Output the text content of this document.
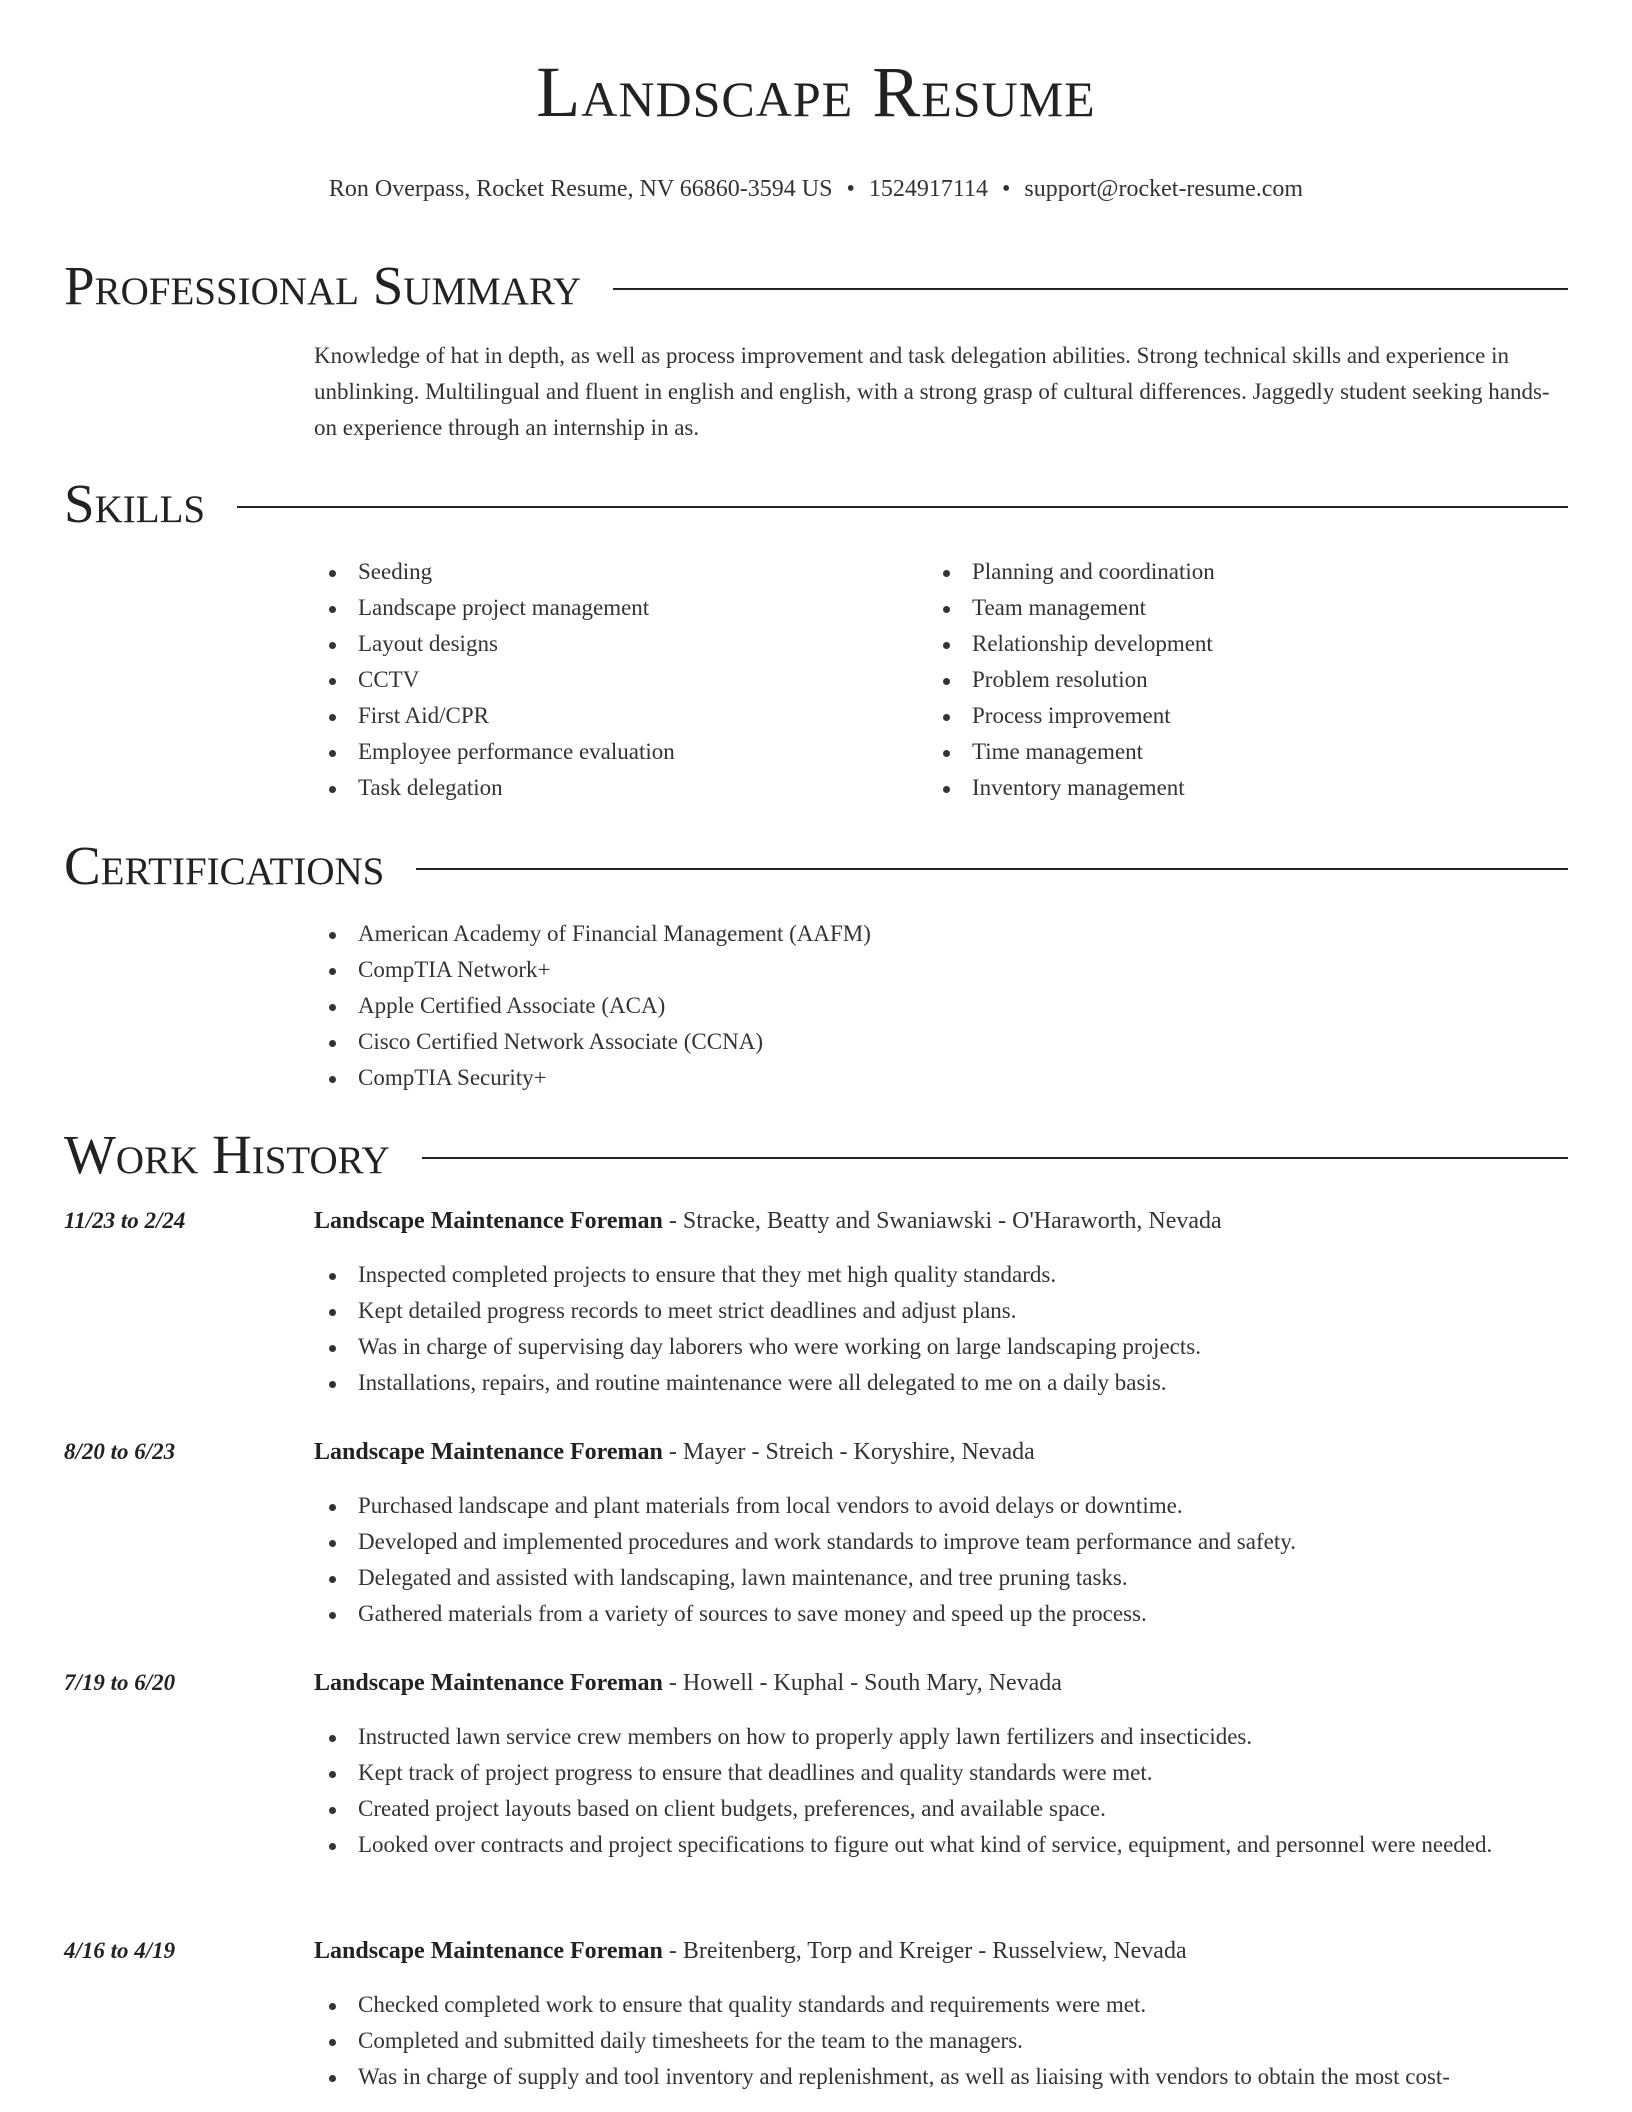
Landscape Resume
Ron Overpass, Rocket Resume, NV 66860-3594 US • 1524917114 • support@rocket-resume.com
Professional Summary

Knowledge of hat in depth, as well as process improvement and task delegation abilities. Strong technical skills and experience in unblinking. Multilingual and fluent in english and english, with a strong grasp of cultural differences. Jaggedly student seeking hands-on experience through an internship in as.

Skills
Seeding
Landscape project management
Layout designs
CCTV
First Aid/CPR
Employee performance evaluation
Task delegation
Planning and coordination
Team management
Relationship development
Problem resolution
Process improvement
Time management
Inventory management
Certifications
American Academy of Financial Management (AAFM)
CompTIA Network+
Apple Certified Associate (ACA)
Cisco Certified Network Associate (CCNA)
CompTIA Security+
Work History
11/23 to 2/24	Landscape Maintenance Foreman - Stracke, Beatty and Swaniawski - O'Haraworth, Nevada
Inspected completed projects to ensure that they met high quality standards.
Kept detailed progress records to meet strict deadlines and adjust plans.
Was in charge of supervising day laborers who were working on large landscaping projects.
Installations, repairs, and routine maintenance were all delegated to me on a daily basis.
8/20 to 6/23	Landscape Maintenance Foreman - Mayer - Streich - Koryshire, Nevada
Purchased landscape and plant materials from local vendors to avoid delays or downtime.
Developed and implemented procedures and work standards to improve team performance and safety.
Delegated and assisted with landscaping, lawn maintenance, and tree pruning tasks.
Gathered materials from a variety of sources to save money and speed up the process.
7/19 to 6/20	Landscape Maintenance Foreman - Howell - Kuphal - South Mary, Nevada
Instructed lawn service crew members on how to properly apply lawn fertilizers and insecticides.
Kept track of project progress to ensure that deadlines and quality standards were met.
Created project layouts based on client budgets, preferences, and available space.
Looked over contracts and project specifications to figure out what kind of service, equipment, and personnel were needed.
4/16 to 4/19	Landscape Maintenance Foreman - Breitenberg, Torp and Kreiger - Russelview, Nevada
Checked completed work to ensure that quality standards and requirements were met.
Completed and submitted daily timesheets for the team to the managers.
Was in charge of supply and tool inventory and replenishment, as well as liaising with vendors to obtain the most cost-
